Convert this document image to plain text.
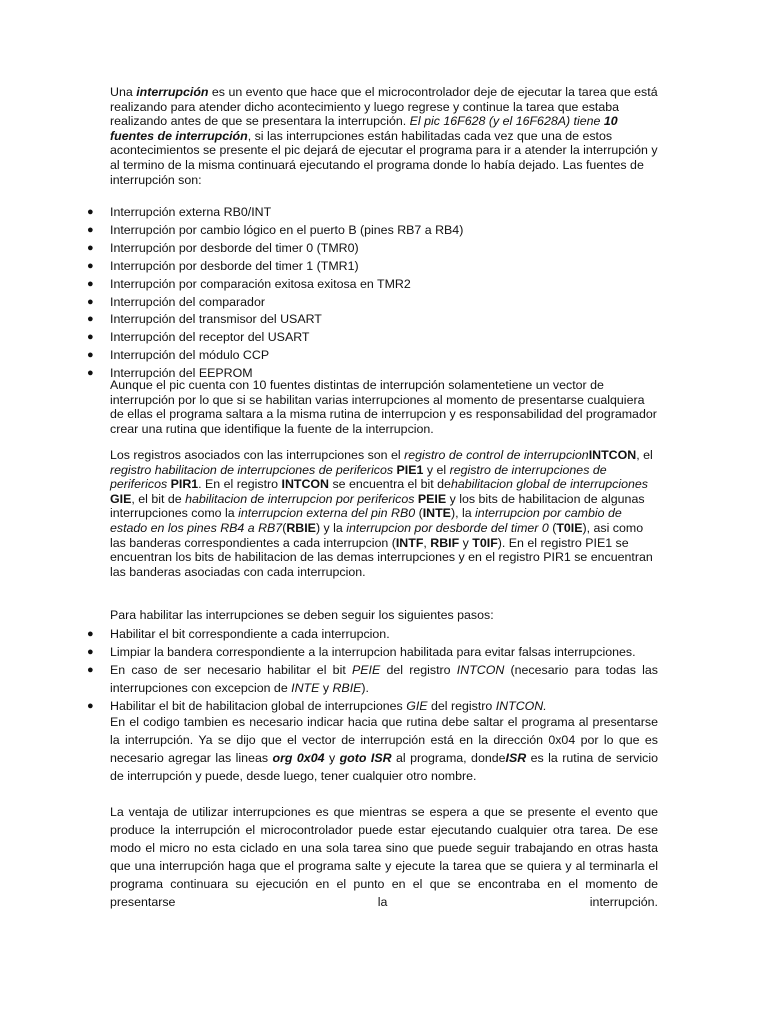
Una interrupción es un evento que hace que el microcontrolador deje de ejecutar la tarea que está realizando para atender dicho acontecimiento y luego regrese y continue la tarea que estaba realizando antes de que se presentara la interrupción. El pic 16F628 (y el 16F628A) tiene 10 fuentes de interrupción, si las interrupciones están habilitadas cada vez que una de estos acontecimientos se presente el pic dejará de ejecutar el programa para ir a atender la interrupción y al termino de la misma continuará ejecutando el programa donde lo había dejado. Las fuentes de interrupción son:

● Interrupción externa RB0/INT
● Interrupción por cambio lógico en el puerto B (pines RB7 a RB4)
● Interrupción por desborde del timer 0 (TMR0)
● Interrupción por desborde del timer 1 (TMR1)
● Interrupción por comparación exitosa exitosa en TMR2
● Interrupción del comparador
● Interrupción del transmisor del USART
● Interrupción del receptor del USART
● Interrupción del módulo CCP
● Interrupción del EEPROM

Aunque el pic cuenta con 10 fuentes distintas de interrupción solamentetiene un vector de interrupción por lo que si se habilitan varias interrupciones al momento de presentarse cualquiera de ellas el programa saltara a la misma rutina de interrupcion y es responsabilidad del programador crear una rutina que identifique la fuente de la interrupcion.

Los registros asociados con las interrupciones son el registro de control de interrupcionINTCON, el registro habilitacion de interrupciones de perifericos PIE1 y el registro de interrupciones de perifericos PIR1. En el registro INTCON se encuentra el bit dehabilitacion global de interrupciones GIE, el bit de habilitacion de interrupcion por perifericos PEIE y los bits de habilitacion de algunas interrupciones como la interrupcion externa del pin RB0 (INTE), la interrupcion por cambio de estado en los pines RB4 a RB7(RBIE) y la interrupcion por desborde del timer 0 (T0IE), asi como las banderas correspondientes a cada interrupcion (INTF, RBIF y T0IF). En el registro PIE1 se encuentran los bits de habilitacion de las demas interrupciones y en el registro PIR1 se encuentran las banderas asociadas con cada interrupcion.

Para habilitar las interrupciones se deben seguir los siguientes pasos:

● Habilitar el bit correspondiente a cada interrupcion.
● Limpiar la bandera correspondiente a la interrupcion habilitada para evitar falsas interrupciones.
● En caso de ser necesario habilitar el bit PEIE del registro INTCON (necesario para todas las interrupciones con excepcion de INTE y RBIE).
● Habilitar el bit de habilitacion global de interrupciones GIE del registro INTCON.

En el codigo tambien es necesario indicar hacia que rutina debe saltar el programa al presentarse la interrupción. Ya se dijo que el vector de interrupción está en la dirección 0x04 por lo que es necesario agregar las lineas org 0x04 y goto ISR al programa, dondeISR es la rutina de servicio de interrupción y puede, desde luego, tener cualquier otro nombre.

La ventaja de utilizar interrupciones es que mientras se espera a que se presente el evento que produce la interrupción el microcontrolador puede estar ejecutando cualquier otra tarea. De ese modo el micro no esta ciclado en una sola tarea sino que puede seguir trabajando en otras hasta que una interrupción haga que el programa salte y ejecute la tarea que se quiera y al terminarla el programa continuara su ejecución en el punto en el que se encontraba en el momento de presentarse la interrupción.
